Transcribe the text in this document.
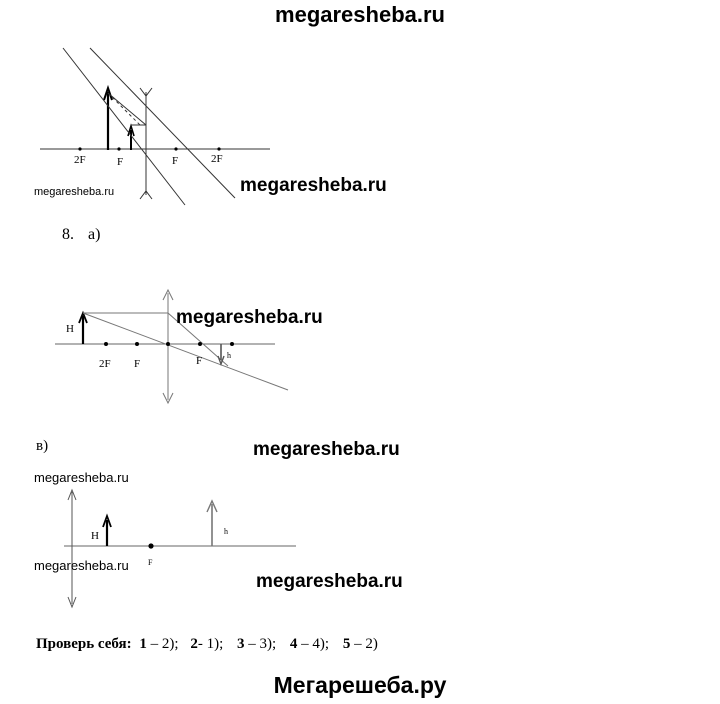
megaresheba.ru
2F	F	F	2F
H
2F F	F	h
H
F
h
megaresheba.ru
megaresheba.ru
8. а)
megaresheba.ru
в)	megaresheba.ru
megaresheba.ru
megaresheba.ru
megaresheba.ru
Проверь себя: 1 – 2); 2- 1); 3 – 3); 4 – 4); 5 – 2)
Мегарешеба.ру
